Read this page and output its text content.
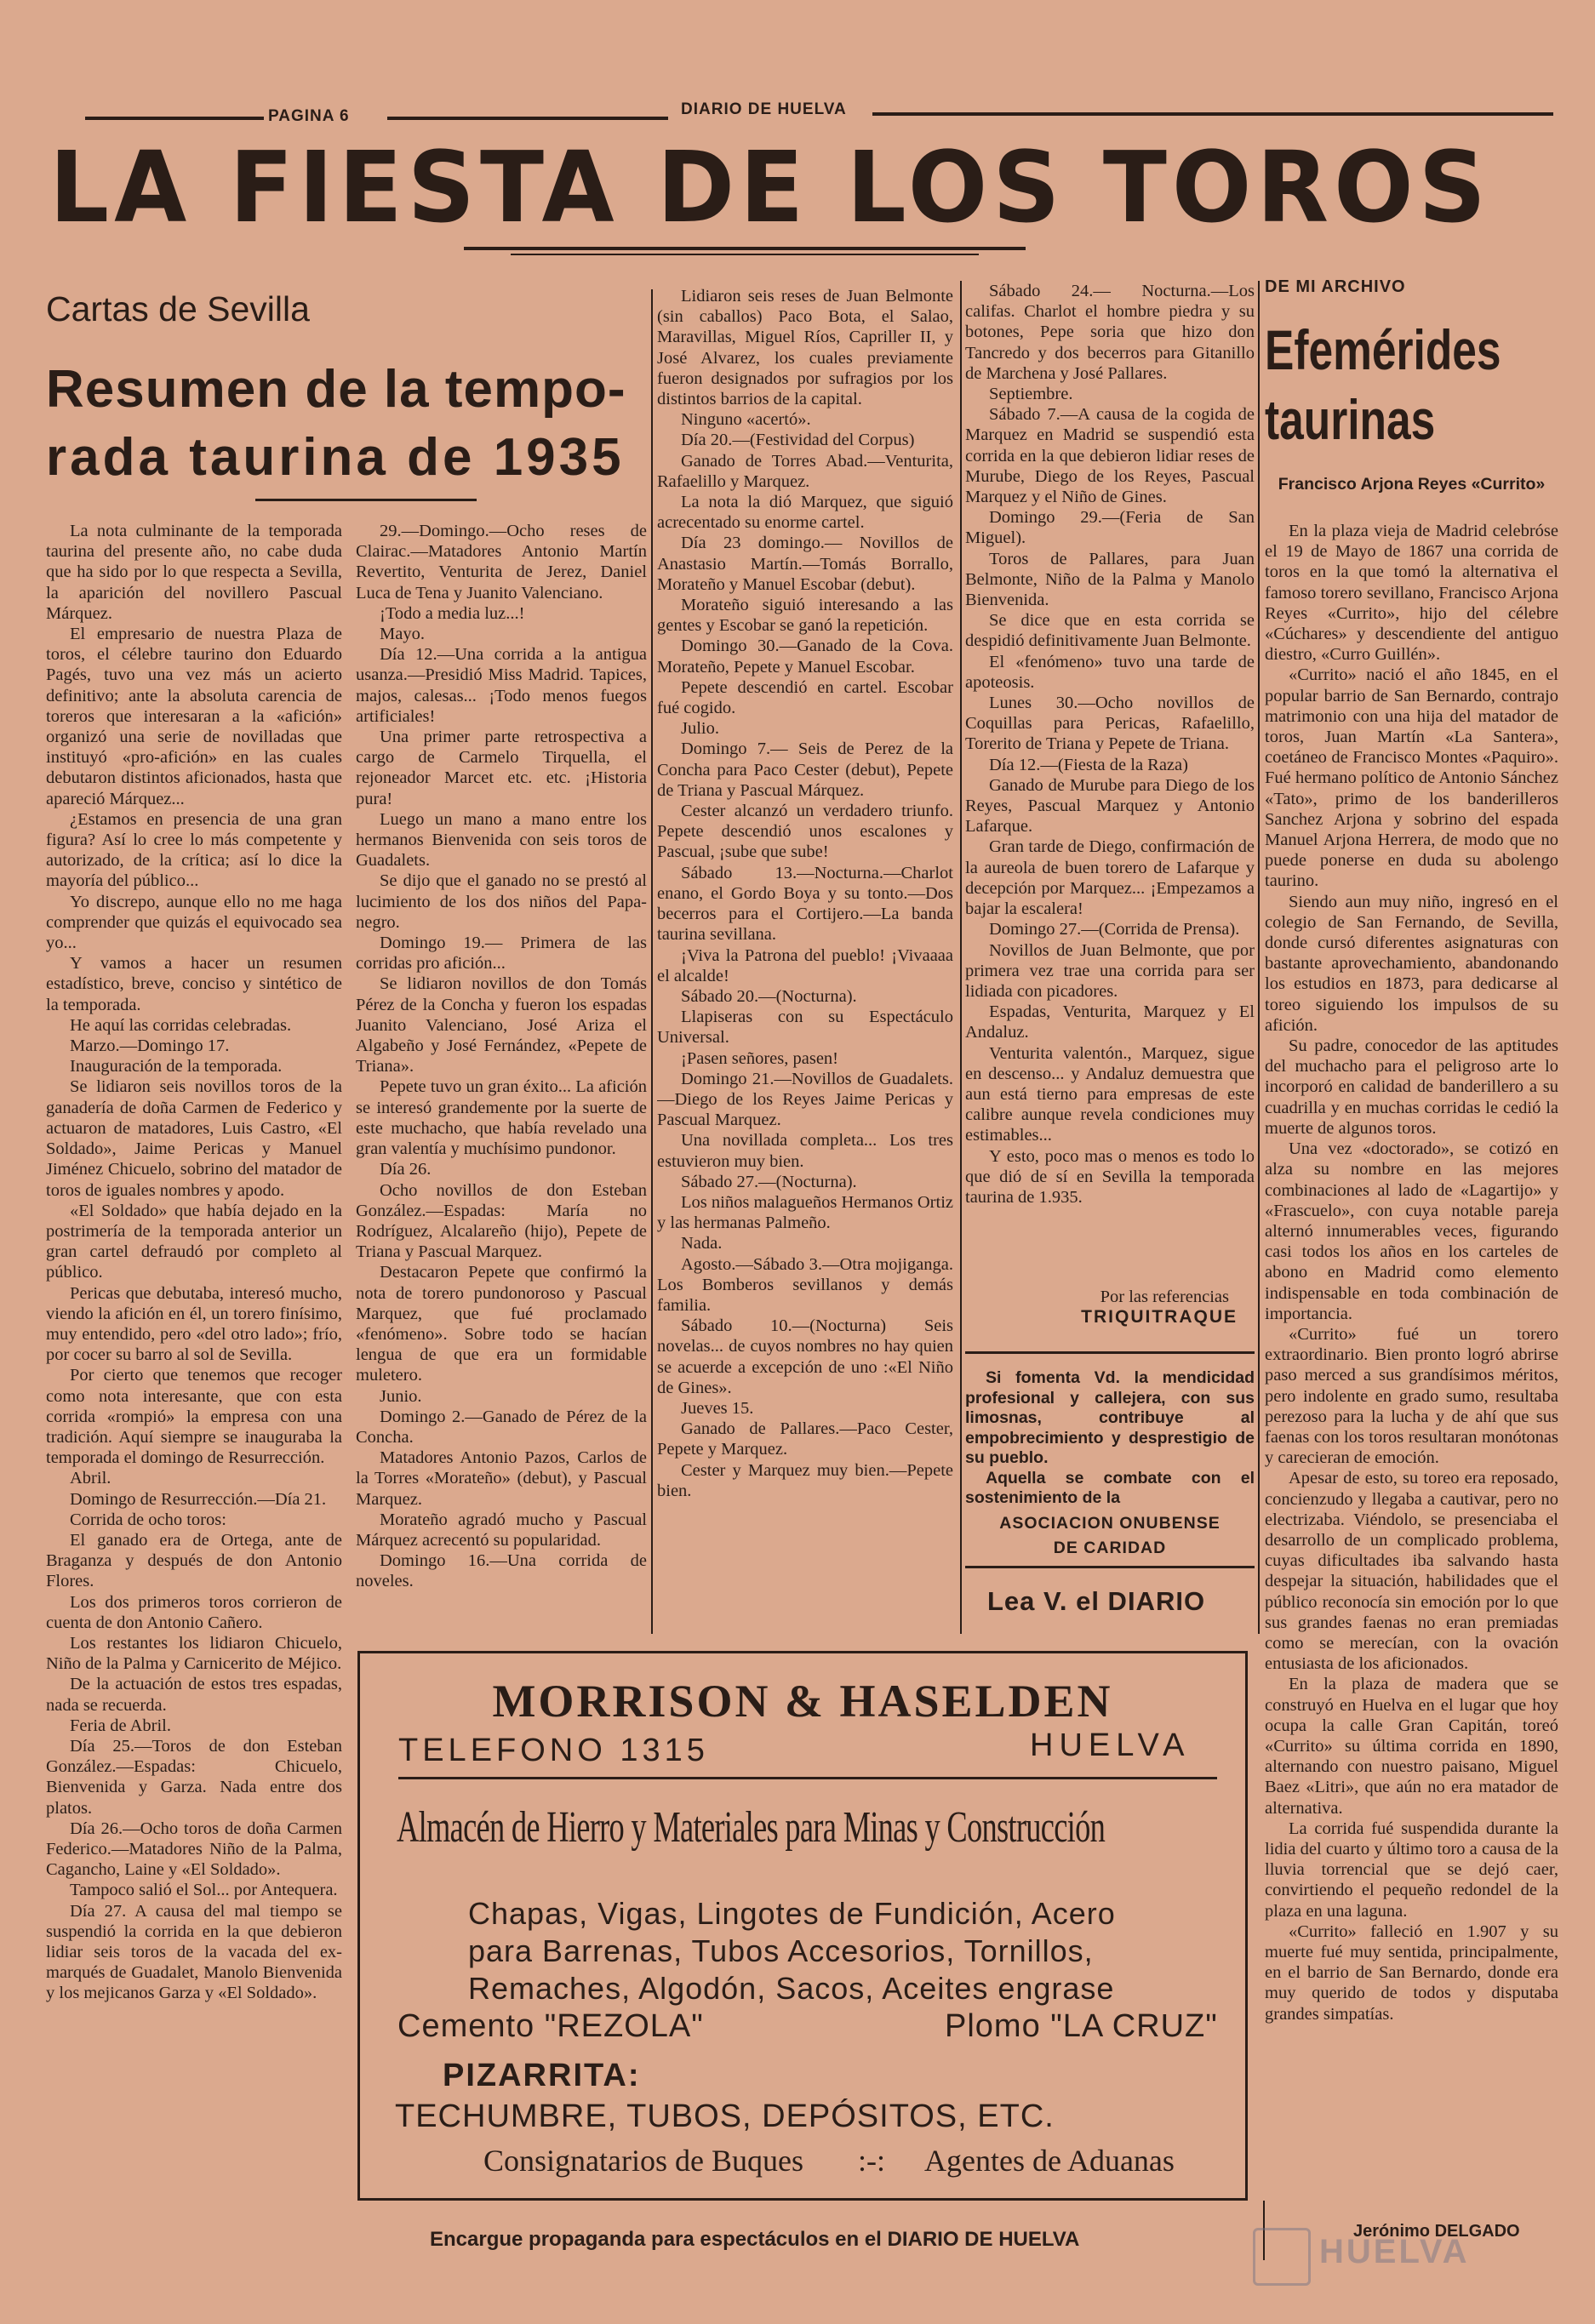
PAGINA 6	DIARIO DE HUELVA
LA FIESTA DE LOS TOROS
Cartas de Sevilla
Resumen de la tempo-
rada taurina de 1935

La nota culminante de la temporada taurina del presente año, no cabe duda que ha sido por lo que respecta a Sevilla, la aparición del novillero Pascual Márquez.

El empresario de nuestra Plaza de toros, el célebre taurino don Eduardo Pagés, tuvo una vez más un acierto definitivo; ante la absoluta carencia de toreros que interesaran a la «afición» organizó una serie de novilladas que instituyó «pro-afición» en las cuales debutaron distintos aficionados, hasta que apareció Márquez...

¿Estamos en presencia de una gran figura? Así lo cree lo más competente y autorizado, de la crítica; así lo dice la mayoría del público...

Yo discrepo, aunque ello no me haga comprender que quizás el equivocado sea yo...

Y vamos a hacer un resumen estadístico, breve, conciso y sintético de la temporada.

He aquí las corridas celebradas.

Marzo.—Domingo 17.

Inauguración de la temporada.

Se lidiaron seis novillos toros de la ganadería de doña Carmen de Federico y actuaron de matadores, Luis Castro, «El Soldado», Jaime Pericas y Manuel Jiménez Chicuelo, sobrino del matador de toros de iguales nombres y apodo.

«El Soldado» que había dejado en la postrimería de la temporada anterior un gran cartel defraudó por completo al público.

Pericas que debutaba, interesó mucho, viendo la afición en él, un torero finísimo, muy entendido, pero «del otro lado»; frío, por cocer su barro al sol de Sevilla.

Por cierto que tenemos que recoger como nota interesante, que con esta corrida «rompió» la empresa con una tradición. Aquí siempre se inauguraba la temporada el domingo de Resurrección.

Abril.

Domingo de Resurrección.—Día 21.

Corrida de ocho toros:

El ganado era de Ortega, ante de Braganza y después de don Antonio Flores.

Los dos primeros toros corrieron de cuenta de don Antonio Cañero.

Los restantes los lidiaron Chicuelo, Niño de la Palma y Carnicerito de Méjico.

De la actuación de estos tres espadas, nada se recuerda.

Feria de Abril.

Día 25.—Toros de don Esteban González.—Espadas: Chicuelo, Bienvenida y Garza. Nada entre dos platos.

Día 26.—Ocho toros de doña Carmen Federico.—Matadores Niño de la Palma, Cagancho, Laine y «El Soldado».

Tampoco salió el Sol... por Antequera.

Día 27. A causa del mal tiempo se suspendió la corrida en la que debieron lidiar seis toros de la vacada del ex-marqués de Guadalet, Manolo Bienvenida y los mejicanos Garza y «El Soldado».

29.—Domingo.—Ocho reses de Clairac.—Matadores Antonio Martín Revertito, Venturita de Jerez, Daniel Luca de Tena y Juanito Valenciano.

¡Todo a media luz...!

Mayo.

Día 12.—Una corrida a la antigua usanza.—Presidió Miss Madrid. Tapices, majos, calesas... ¡Todo menos fuegos artificiales!

Una primer parte retrospectiva a cargo de Carmelo Tirquella, el rejoneador Marcet etc. etc. ¡Historia pura!

Luego un mano a mano entre los hermanos Bienvenida con seis toros de Guadalets.

Se dijo que el ganado no se prestó al lucimiento de los dos niños del Papa-negro.

Domingo 19.— Primera de las corridas pro afición...

Se lidiaron novillos de don Tomás Pérez de la Concha y fueron los espadas Juanito Valenciano, José Ariza el Algabeño y José Fernández, «Pepete de Triana».

Pepete tuvo un gran éxito... La afición se interesó grandemente por la suerte de este muchacho, que había revelado una gran valentía y muchísimo pundonor.

Día 26.

Ocho novillos de don Esteban González.—Espadas: María no Rodríguez, Alcalareño (hijo), Pepete de Triana y Pascual Marquez.

Destacaron Pepete que confirmó la nota de torero pundonoroso y Pascual Marquez, que fué proclamado «fenómeno». Sobre todo se hacían lengua de que era un formidable muletero.

Junio.

Domingo 2.—Ganado de Pérez de la Concha.

Matadores Antonio Pazos, Carlos de la Torres «Morateño» (debut), y Pascual Marquez.

Morateño agradó mucho y Pascual Márquez acrecentó su popularidad.

Domingo 16.—Una corrida de noveles.

Lidiaron seis reses de Juan Belmonte (sin caballos) Paco Bota, el Salao, Maravillas, Miguel Ríos, Capriller II, y José Alvarez, los cuales previamente fueron designados por sufragios por los distintos barrios de la capital.

Ninguno «acertó».

Día 20.—(Festividad del Corpus)

Ganado de Torres Abad.—Venturita, Rafaelillo y Marquez.

La nota la dió Marquez, que siguió acrecentado su enorme cartel.

Día 23 domingo.— Novillos de Anastasio Martín.—Tomás Borrallo, Morateño y Manuel Escobar (debut).

Morateño siguió interesando a las gentes y Escobar se ganó la repetición.

Domingo 30.—Ganado de la Cova. Morateño, Pepete y Manuel Escobar.

Pepete descendió en cartel. Escobar fué cogido.

Julio.

Domingo 7.— Seis de Perez de la Concha para Paco Cester (debut), Pepete de Triana y Pascual Márquez.

Cester alcanzó un verdadero triunfo. Pepete descendió unos escalones y Pascual, ¡sube que sube!

Sábado 13.—Nocturna.—Charlot enano, el Gordo Boya y su tonto.—Dos becerros para el Cortijero.—La banda taurina sevillana.

¡Viva la Patrona del pueblo! ¡Vivaaaa el alcalde!

Sábado 20.—(Nocturna).

Llapiseras con su Espectáculo Universal.

¡Pasen señores, pasen!

Domingo 21.—Novillos de Guadalets.—Diego de los Reyes Jaime Pericas y Pascual Marquez.

Una novillada completa... Los tres estuvieron muy bien.

Sábado 27.—(Nocturna).

Los niños malagueños Hermanos Ortiz y las hermanas Palmeño.

Nada.

Agosto.—Sábado 3.—Otra mojiganga. Los Bomberos sevillanos y demás familia.

Sábado 10.—(Nocturna) Seis novelas... de cuyos nombres no hay quien se acuerde a excepción de uno :«El Niño de Gines».

Jueves 15.

Ganado de Pallares.—Paco Cester, Pepete y Marquez.

Cester y Marquez muy bien.—Pepete bien.

Sábado 24.— Nocturna.—Los califas. Charlot el hombre piedra y su botones, Pepe soria que hizo don Tancredo y dos becerros para Gitanillo de Marchena y José Pallares.

Septiembre.

Sábado 7.—A causa de la cogida de Marquez en Madrid se suspendió esta corrida en la que debieron lidiar reses de Murube, Diego de los Reyes, Pascual Marquez y el Niño de Gines.

Domingo 29.—(Feria de San Miguel).

Toros de Pallares, para Juan Belmonte, Niño de la Palma y Manolo Bienvenida.

Se dice que en esta corrida se despidió definitivamente Juan Belmonte.

El «fenómeno» tuvo una tarde de apoteosis.

Lunes 30.—Ocho novillos de Coquillas para Pericas, Rafaelillo, Torerito de Triana y Pepete de Triana.

Día 12.—(Fiesta de la Raza)

Ganado de Murube para Diego de los Reyes, Pascual Marquez y Antonio Lafarque.

Gran tarde de Diego, confirmación de la aureola de buen torero de Lafarque y decepción por Marquez... ¡Empezamos a bajar la escalera!

Domingo 27.—(Corrida de Prensa).

Novillos de Juan Belmonte, que por primera vez trae una corrida para ser lidiada con picadores.

Espadas, Venturita, Marquez y El Andaluz.

Venturita valentón., Marquez, sigue en descenso... y Andaluz demuestra que aun está tierno para empresas de este calibre aunque revela condiciones muy estimables...

Y esto, poco mas o menos es todo lo que dió de sí en Sevilla la temporada taurina de 1.935.

Por las referencias
TRIQUITRAQUE
Si fomenta Vd. la mendicidad profesional y callejera, con sus limosnas, contribuye al empobrecimiento y desprestigio de su pueblo.
Aquella se combate con el sostenimiento de la
ASOCIACION ONUBENSE
DE CARIDAD
Lea V. el DIARIO
DE MI ARCHIVO
Efemérides
taurinas
Francisco Arjona Reyes «Currito»

En la plaza vieja de Madrid celebróse el 19 de Mayo de 1867 una corrida de toros en la que tomó la alternativa el famoso torero sevillano, Francisco Arjona Reyes «Currito», hijo del célebre «Cúchares» y descendiente del antiguo diestro, «Curro Guillén».

«Currito» nació el año 1845, en el popular barrio de San Bernardo, contrajo matrimonio con una hija del matador de toros, Juan Martín «La Santera», coetáneo de Francisco Montes «Paquiro». Fué hermano político de Antonio Sánchez «Tato», primo de los banderilleros Sanchez Arjona y sobrino del espada Manuel Arjona Herrera, de modo que no puede ponerse en duda su abolengo taurino.

Siendo aun muy niño, ingresó en el colegio de San Fernando, de Sevilla, donde cursó diferentes asignaturas con bastante aprovechamiento, abandonando los estudios en 1873, para dedicarse al toreo siguiendo los impulsos de su afición.

Su padre, conocedor de las aptitudes del muchacho para el peligroso arte lo incorporó en calidad de banderillero a su cuadrilla y en muchas corridas le cedió la muerte de algunos toros.

Una vez «doctorado», se cotizó en alza su nombre en las mejores combinaciones al lado de «Lagartijo» y «Frascuelo», con cuya notable pareja alternó innumerables veces, figurando casi todos los años en los carteles de abono en Madrid como elemento indispensable en toda combinación de importancia.

«Currito» fué un torero extraordinario. Bien pronto logró abrirse paso merced a sus grandísimos méritos, pero indolente en grado sumo, resultaba perezoso para la lucha y de ahí que sus faenas con los toros resultaran monótonas y carecieran de emoción.

Apesar de esto, su toreo era reposado, concienzudo y llegaba a cautivar, pero no electrizaba. Viéndolo, se presenciaba el desarrollo de un complicado problema, cuyas dificultades iba salvando hasta despejar la situación, habilidades que el público reconocía sin emoción por lo que sus grandes faenas no eran premiadas como se merecían, con la ovación entusiasta de los aficionados.

En la plaza de madera que se construyó en Huelva en el lugar que hoy ocupa la calle Gran Capitán, toreó «Currito» su última corrida en 1890, alternando con nuestro paisano, Miguel Baez «Litri», que aún no era matador de alternativa.

La corrida fué suspendida durante la lidia del cuarto y último toro a causa de la lluvia torrencial que se dejó caer, convirtiendo el pequeño redondel de la plaza en una laguna.

«Currito» falleció en 1.907 y su muerte fué muy sentida, principalmente, en el barrio de San Bernardo, donde era muy querido de todos y disputaba grandes simpatías.

Jerónimo DELGADO
MORRISON & HASELDEN
TELEFONO 1315	HUELVA
Almacén de Hierro y Materiales para Minas y Construcción
Chapas, Vigas, Lingotes de Fundición, Acero
para Barrenas, Tubos Accesorios, Tornillos,
Remaches, Algodón, Sacos, Aceites engrase
Cemento "REZOLA"	Plomo "LA CRUZ"
PIZARRITA:
TECHUMBRE, TUBOS, DEPÓSITOS, ETC.
Consignatarios de Buques :-: Agentes de Aduanas
Encargue propaganda para espectáculos en el DIARIO DE HUELVA	HUELVA
